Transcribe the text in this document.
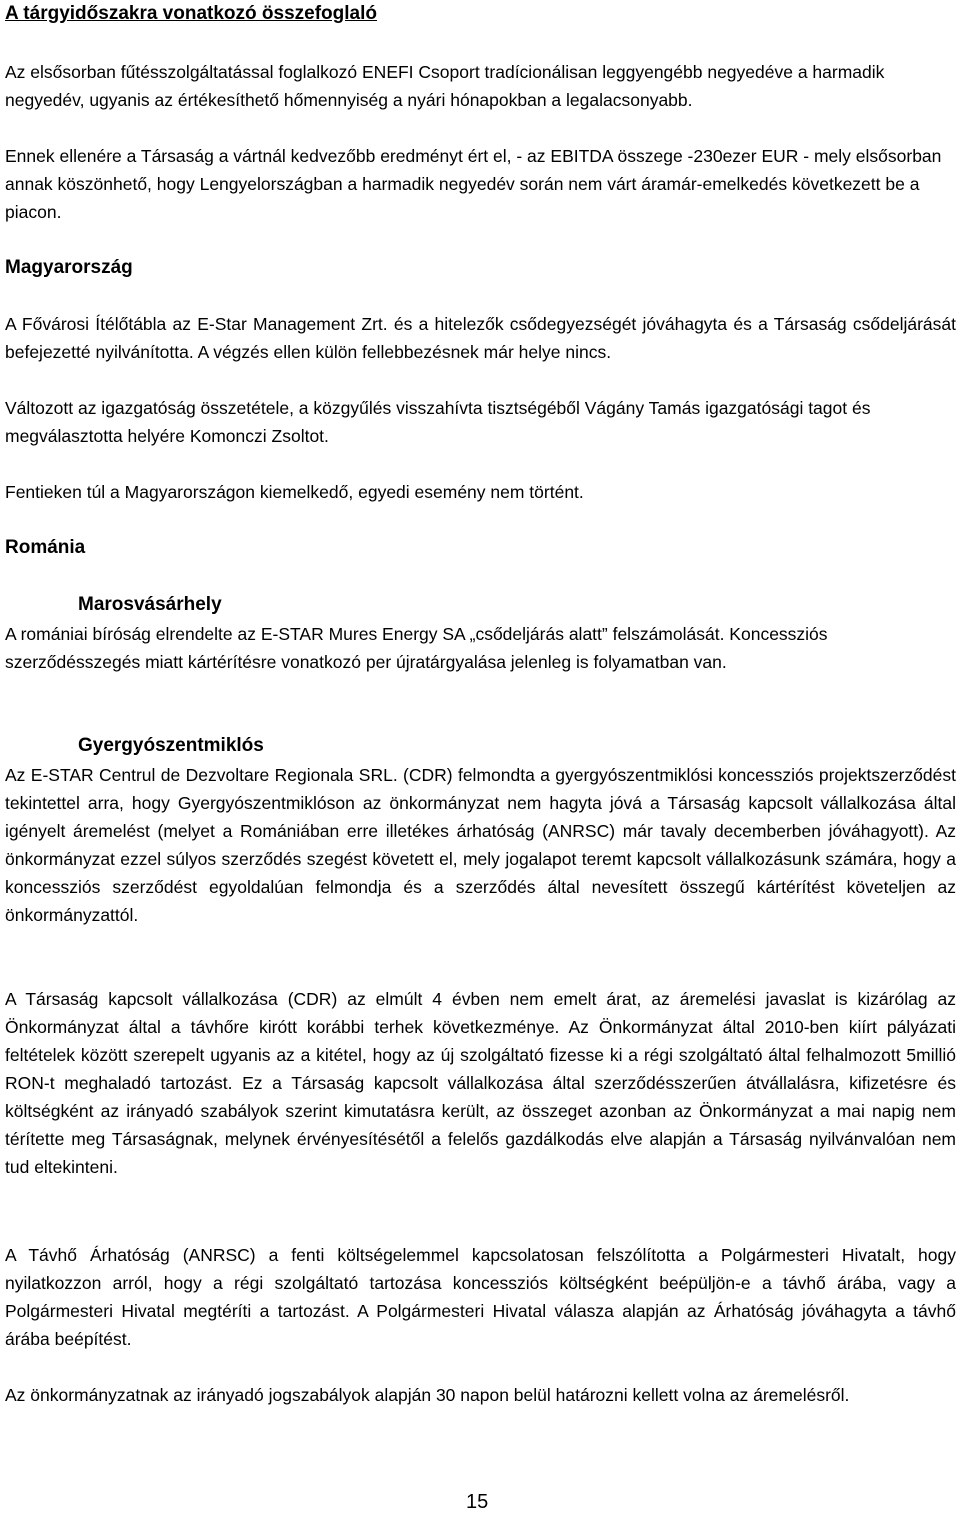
A tárgyidőszakra vonatkozó összefoglaló

Az elsősorban fűtésszolgáltatással foglalkozó ENEFI Csoport tradícionálisan leggyengébb negyedéve a harmadik negyedév, ugyanis az értékesíthető hőmennyiség a nyári hónapokban a legalacsonyabb.

Ennek ellenére a Társaság a vártnál kedvezőbb eredményt ért el, - az EBITDA összege -230ezer EUR - mely elsősorban annak köszönhető, hogy Lengyelországban a harmadik negyedév során nem várt áramár-emelkedés következett be a piacon.

Magyarország

A Fővárosi Ítélőtábla az E-Star Management Zrt. és a hitelezők csődegyezségét jóváhagyta és a Társaság csődeljárását befejezetté nyilvánította. A végzés ellen külön fellebbezésnek már helye nincs.

Változott az igazgatóság összetétele, a közgyűlés visszahívta tisztségéből Vágány Tamás igazgatósági tagot és megválasztotta helyére Komonczi Zsoltot.

Fentieken túl a Magyarországon kiemelkedő, egyedi esemény nem történt.

Románia
Marosvásárhely

A romániai bíróság elrendelte az E-STAR Mures Energy SA „csődeljárás alatt” felszámolását. Koncessziós szerződésszegés miatt kártérítésre vonatkozó per újratárgyalása jelenleg is folyamatban van.

Gyergyószentmiklós

Az E-STAR Centrul de Dezvoltare Regionala SRL. (CDR) felmondta a gyergyószentmiklósi koncessziós projektszerződést tekintettel arra, hogy Gyergyószentmiklóson az önkormányzat nem hagyta jóvá a Társaság kapcsolt vállalkozása által igényelt áremelést (melyet a Romániában erre illetékes árhatóság (ANRSC) már tavaly decemberben jóváhagyott). Az önkormányzat ezzel súlyos szerződés szegést követett el, mely jogalapot teremt kapcsolt vállalkozásunk számára, hogy a koncessziós szerződést egyoldalúan felmondja és a szerződés által nevesített összegű kártérítést követeljen az önkormányzattól.

A Társaság kapcsolt vállalkozása (CDR) az elmúlt 4 évben nem emelt árat, az áremelési javaslat is kizárólag az Önkormányzat által a távhőre kirótt korábbi terhek következménye. Az Önkormányzat által 2010-ben kiírt pályázati feltételek között szerepelt ugyanis az a kitétel, hogy az új szolgáltató fizesse ki a régi szolgáltató által felhalmozott 5millió RON-t meghaladó tartozást. Ez a Társaság kapcsolt vállalkozása által szerződésszerűen átvállalásra, kifizetésre és költségként az irányadó szabályok szerint kimutatásra került, az összeget azonban az Önkormányzat a mai napig nem térítette meg Társaságnak, melynek érvényesítésétől a felelős gazdálkodás elve alapján a Társaság nyilvánvalóan nem tud eltekinteni.

A Távhő Árhatóság (ANRSC) a fenti költségelemmel kapcsolatosan felszólította a Polgármesteri Hivatalt, hogy nyilatkozzon arról, hogy a régi szolgáltató tartozása koncessziós költségként beépüljön-e a távhő árába, vagy a Polgármesteri Hivatal megtéríti a tartozást. A Polgármesteri Hivatal válasza alapján az Árhatóság jóváhagyta a távhő árába beépítést.

Az önkormányzatnak az irányadó jogszabályok alapján 30 napon belül határozni kellett volna az áremelésről.

15
